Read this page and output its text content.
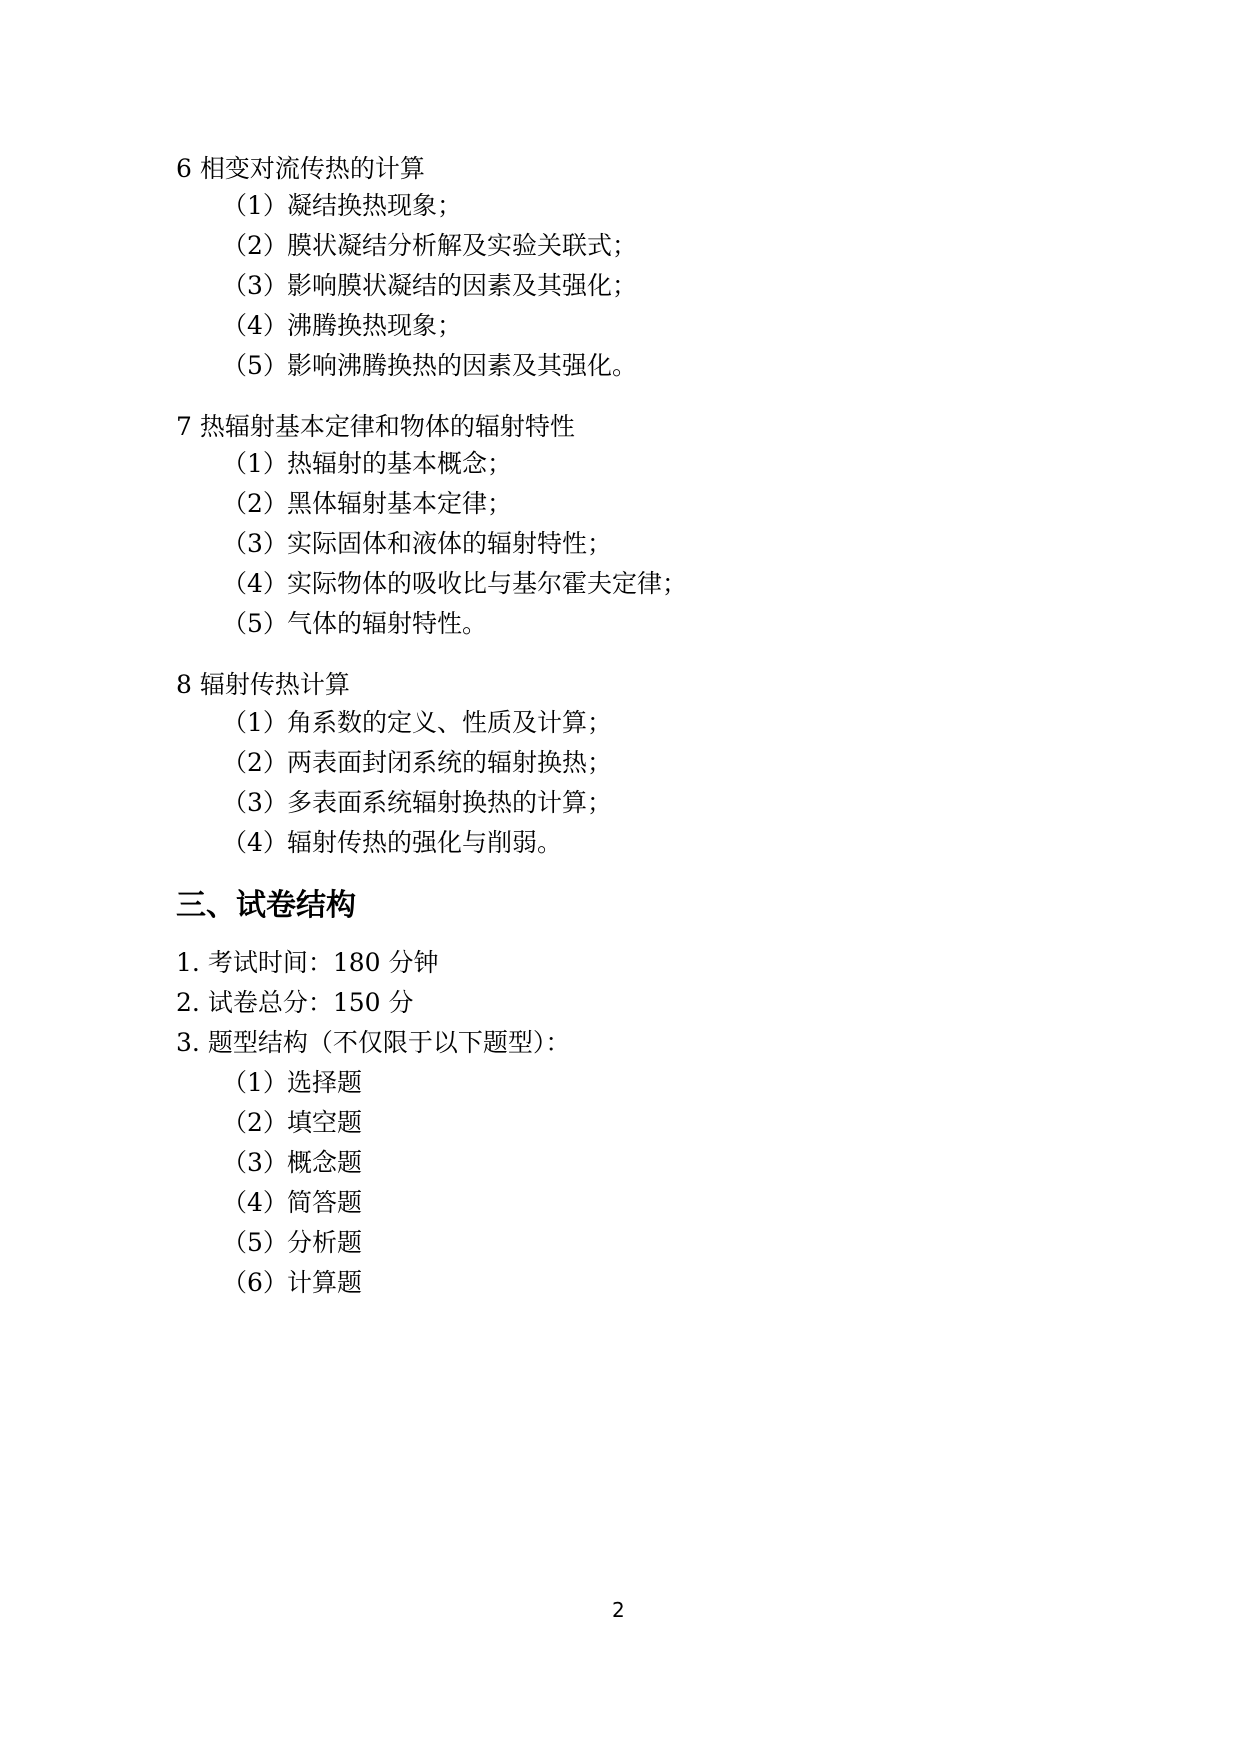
6 相变对流传热的计算
（1）凝结换热现象；
（2）膜状凝结分析解及实验关联式；
（3）影响膜状凝结的因素及其强化；
（4）沸腾换热现象；
（5）影响沸腾换热的因素及其强化。
7 热辐射基本定律和物体的辐射特性
（1）热辐射的基本概念；
（2）黑体辐射基本定律；
（3）实际固体和液体的辐射特性；
（4）实际物体的吸收比与基尔霍夫定律；
（5）气体的辐射特性。
8 辐射传热计算
（1）角系数的定义、性质及计算；
（2）两表面封闭系统的辐射换热；
（3）多表面系统辐射换热的计算；
（4）辐射传热的强化与削弱。
三、试卷结构
1. 考试时间：180 分钟
2. 试卷总分：150 分
3. 题型结构（不仅限于以下题型）：
（1）选择题
（2）填空题
（3）概念题
（4）简答题
（5）分析题
（6）计算题
2
